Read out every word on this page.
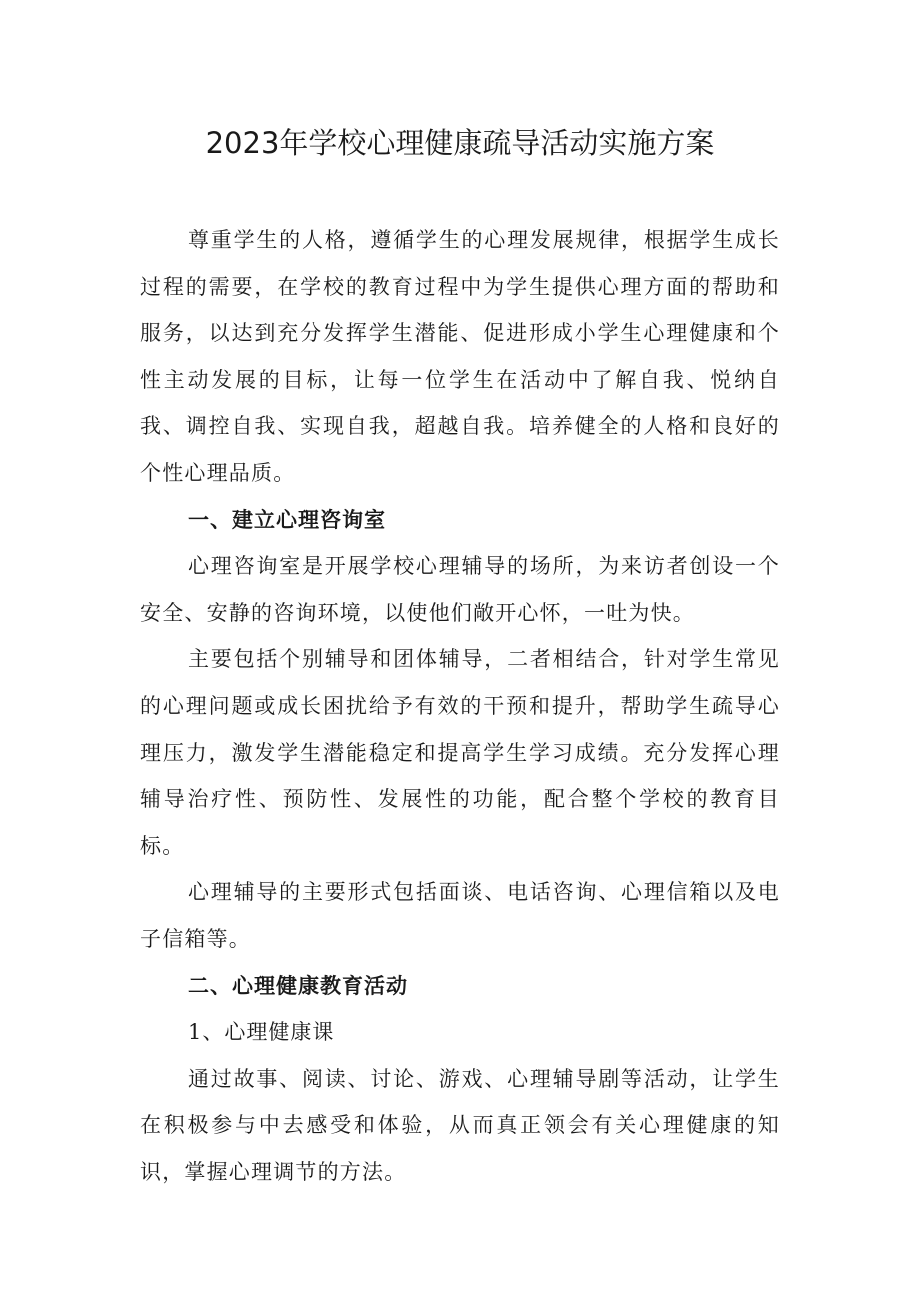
2023年学校心理健康疏导活动实施方案

尊重学生的人格，遵循学生的心理发展规律，根据学生成长过程的需要，在学校的教育过程中为学生提供心理方面的帮助和服务，以达到充分发挥学生潜能、促进形成小学生心理健康和个性主动发展的目标，让每一位学生在活动中了解自我、悦纳自我、调控自我、实现自我，超越自我。培养健全的人格和良好的个性心理品质。

一、建立心理咨询室

心理咨询室是开展学校心理辅导的场所，为来访者创设一个安全、安静的咨询环境，以使他们敞开心怀，一吐为快。

主要包括个别辅导和团体辅导，二者相结合，针对学生常见的心理问题或成长困扰给予有效的干预和提升，帮助学生疏导心理压力，激发学生潜能稳定和提高学生学习成绩。充分发挥心理辅导治疗性、预防性、发展性的功能，配合整个学校的教育目标。

心理辅导的主要形式包括面谈、电话咨询、心理信箱以及电子信箱等。

二、心理健康教育活动

1、心理健康课

通过故事、阅读、讨论、游戏、心理辅导剧等活动，让学生在积极参与中去感受和体验，从而真正领会有关心理健康的知识，掌握心理调节的方法。
